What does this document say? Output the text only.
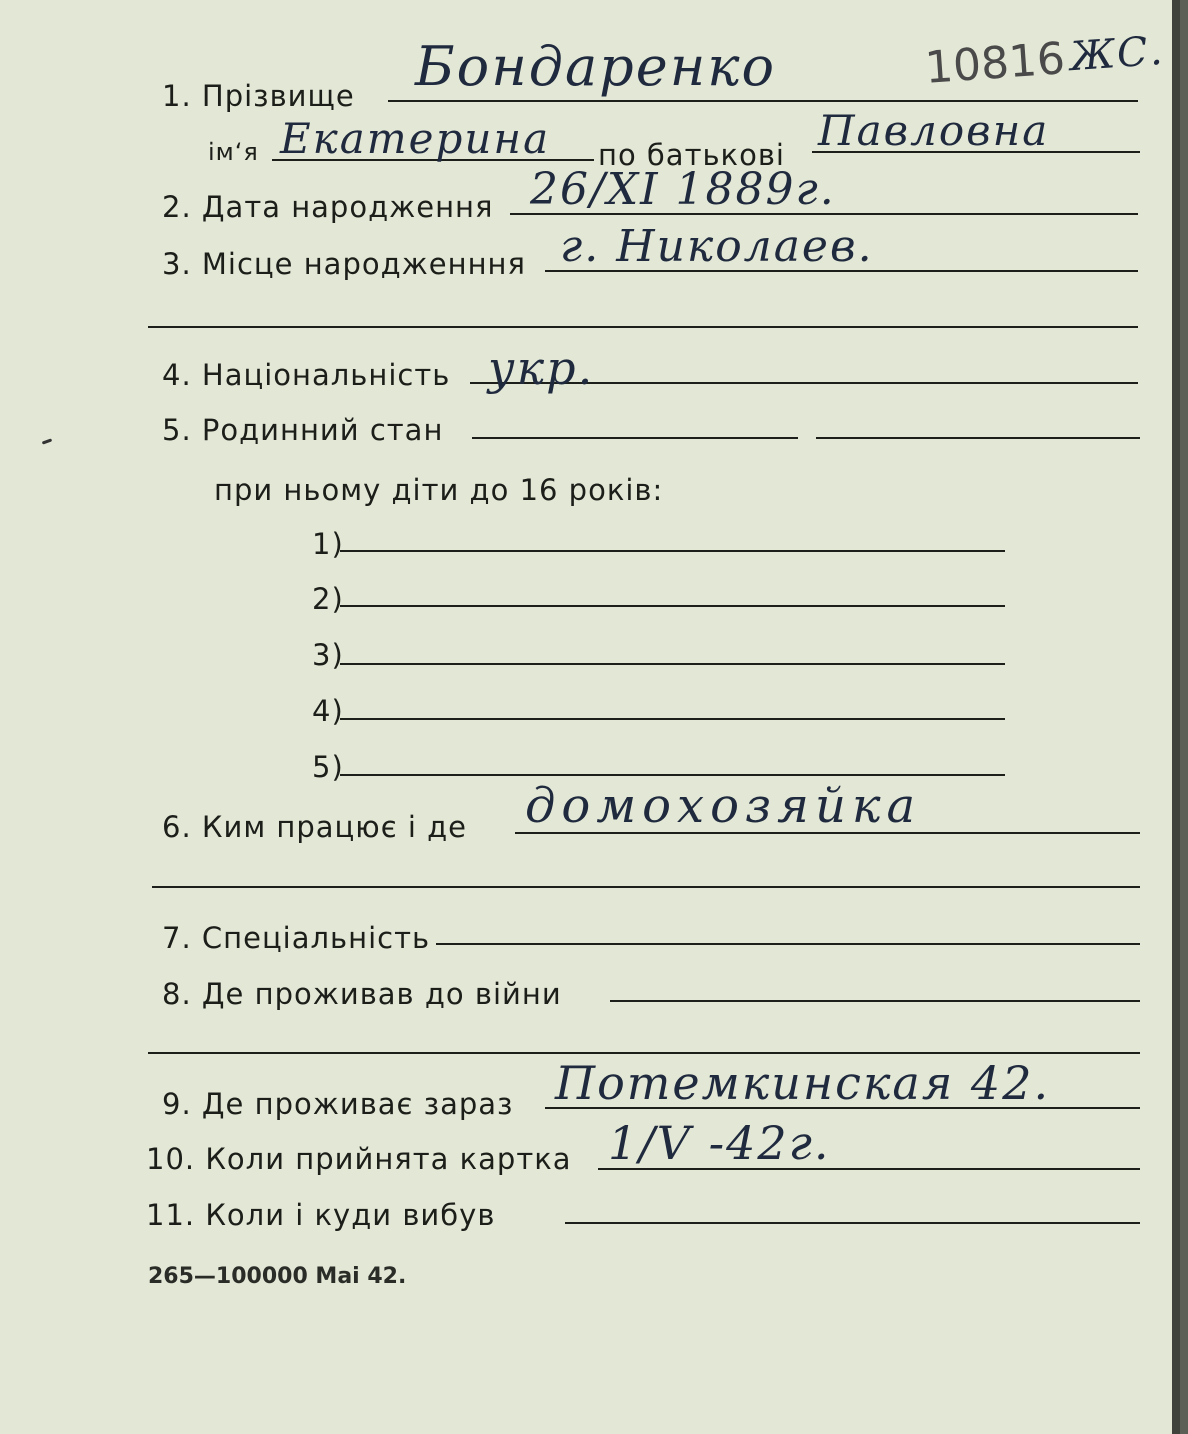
10816 ЖС.
1. Прізвище Бондаренко
ім‘я Екатерина по батькові Павловна
2. Дата народження 26/XI 1889г.
3. Місце народженння г. Николаев.
4. Національність укр.
5. Родинний стан
при ньому діти до 16 років:
1)
2)
3)
4)
5)
6. Ким працює і де домохозяйка
7. Спеціальність
8. Де проживав до війни
9. Де проживає зараз Потемкинская 42.
10. Коли прийнята картка 1/V -42г.
11. Коли і куди вибув
265—100000 Mai 42.
